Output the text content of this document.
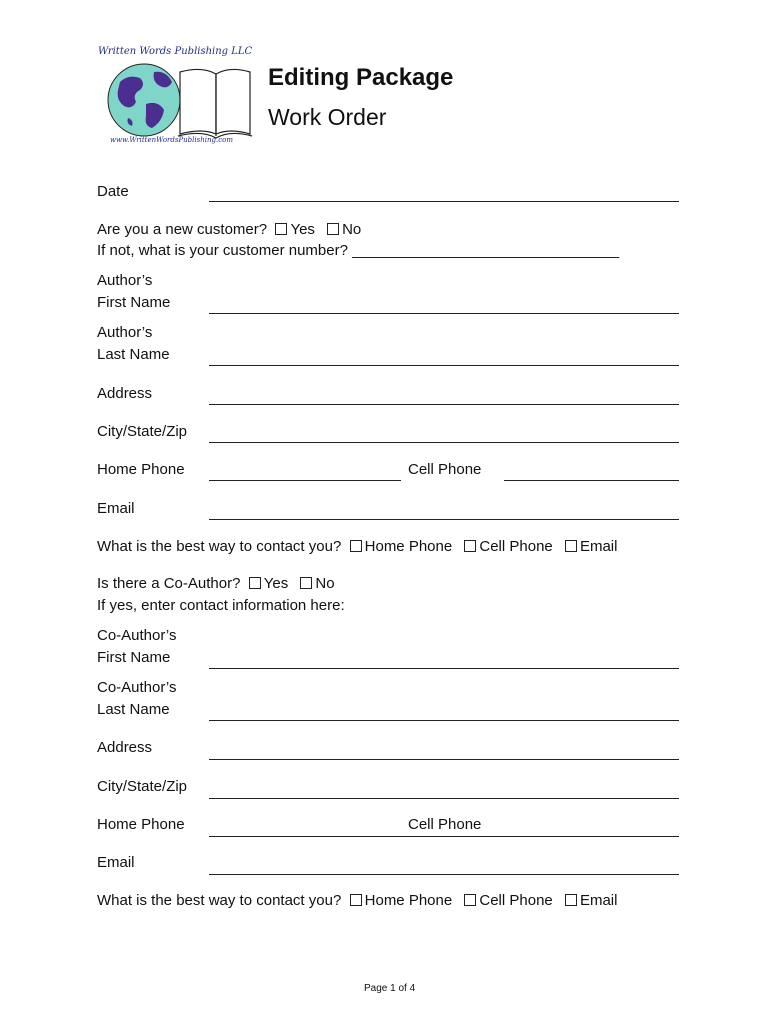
Written Words Publishing LLC
www.WrittenWordsPublishing.com
Editing Package
Work Order
Date
Are you a new customer? Yes No
If not, what is your customer number? ________________________________
Author’s
First Name
Author’s
Last Name
Address
City/State/Zip
Home Phone	Cell Phone
Email
What is the best way to contact you? Home Phone Cell Phone Email
Is there a Co-Author? Yes No
If yes, enter contact information here:
Co-Author’s
First Name
Co-Author’s
Last Name
Address
City/State/Zip
Home Phone	Cell Phone
Email
What is the best way to contact you? Home Phone Cell Phone Email
Page 1 of 4
